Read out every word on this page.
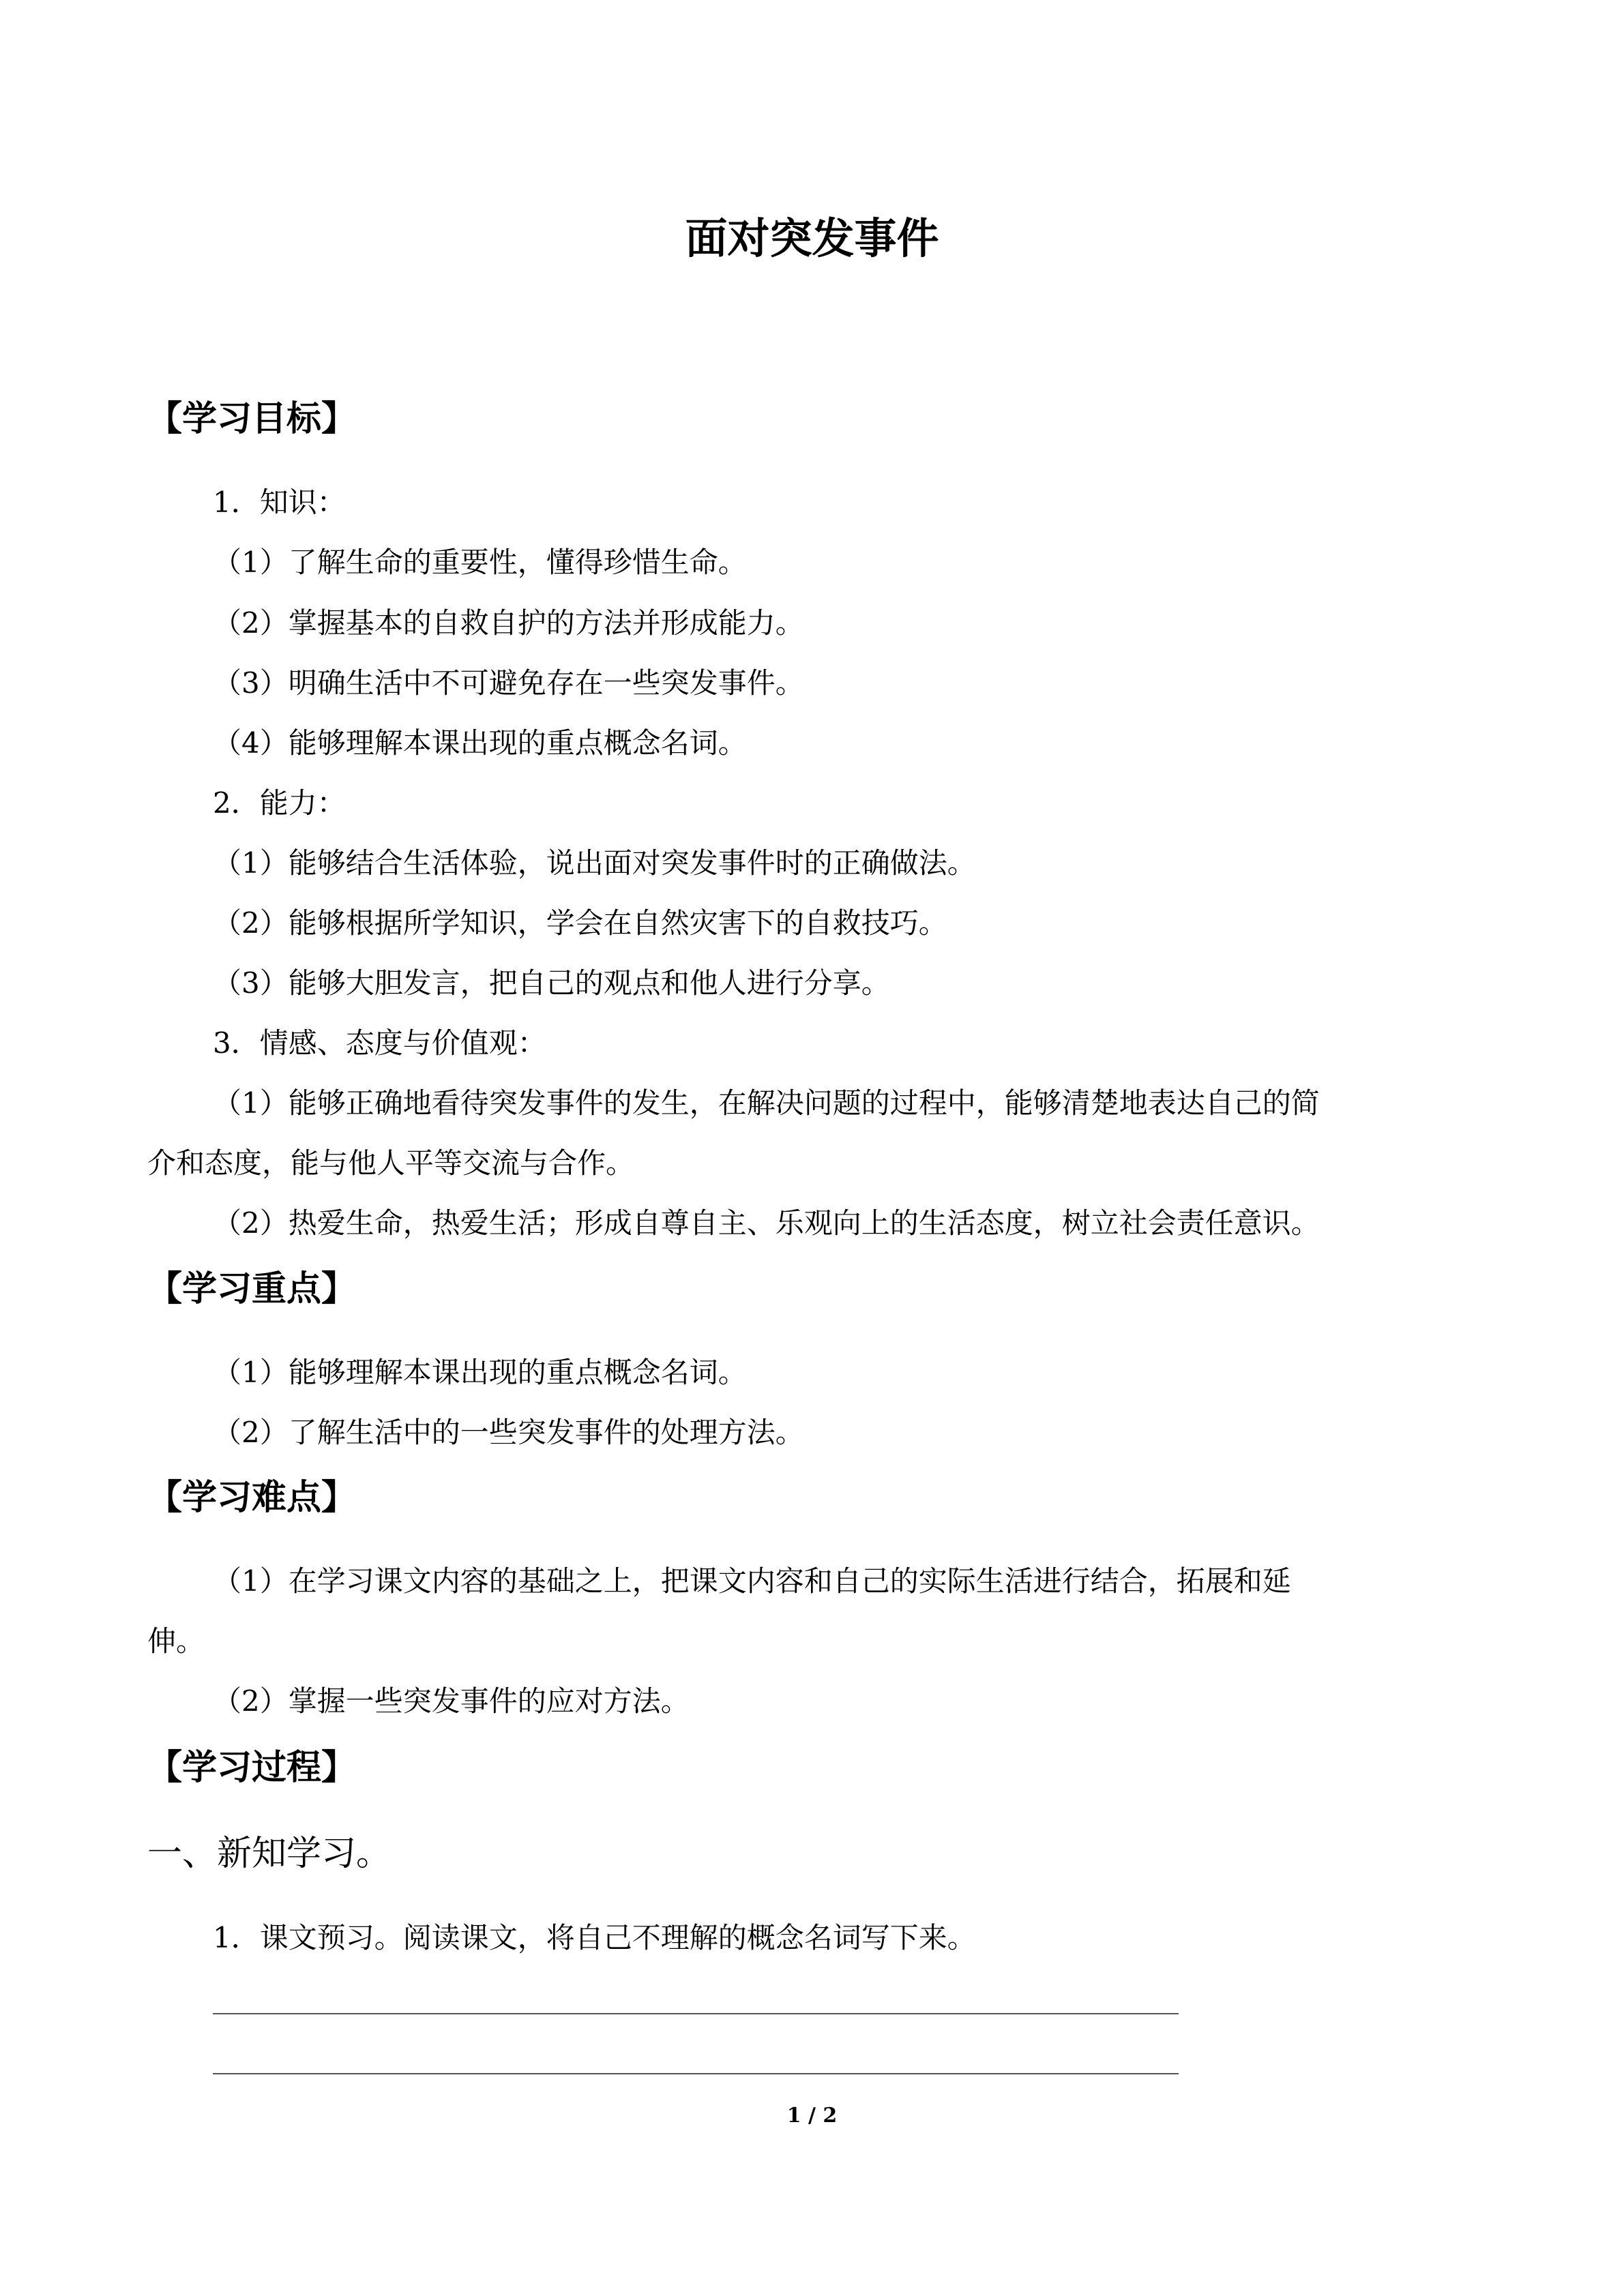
面对突发事件
【学习目标】

1．知识：

（1）了解生命的重要性，懂得珍惜生命。

（2）掌握基本的自救自护的方法并形成能力。

（3）明确生活中不可避免存在一些突发事件。

（4）能够理解本课出现的重点概念名词。

2．能力：

（1）能够结合生活体验，说出面对突发事件时的正确做法。

（2）能够根据所学知识，学会在自然灾害下的自救技巧。

（3）能够大胆发言，把自己的观点和他人进行分享。

3．情感、态度与价值观：

（1）能够正确地看待突发事件的发生，在解决问题的过程中，能够清楚地表达自己的简

介和态度，能与他人平等交流与合作。

（2）热爱生命，热爱生活；形成自尊自主、乐观向上的生活态度，树立社会责任意识。

【学习重点】

（1）能够理解本课出现的重点概念名词。

（2）了解生活中的一些突发事件的处理方法。

【学习难点】

（1）在学习课文内容的基础之上，把课文内容和自己的实际生活进行结合，拓展和延

伸。

（2）掌握一些突发事件的应对方法。

【学习过程】

一、新知学习。

1．课文预习。阅读课文，将自己不理解的概念名词写下来。

1 / 2
